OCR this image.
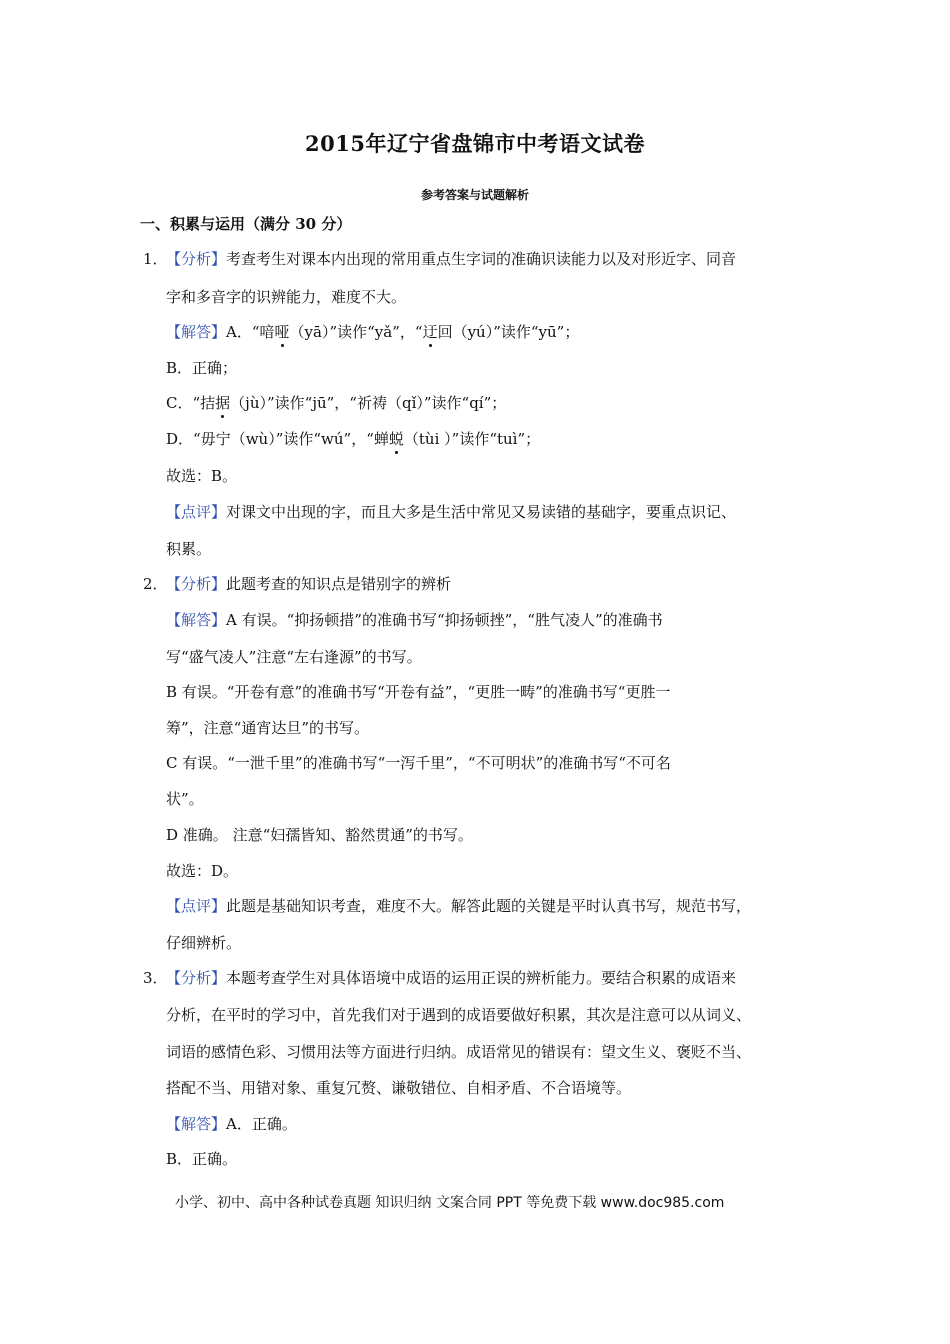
2015年辽宁省盘锦市中考语文试卷
参考答案与试题解析
一、积累与运用（满分 30 分）
1．
【分析】考查考生对课本内出现的常用重点生字词的准确识读能力以及对形近字、同音
字和多音字的识辨能力，难度不大。
【解答】A．“喑哑（yā）”读作“yǎ”，“迂回（yú）”读作“yū”；
B．正确；
C．“拮据（jù）”读作“jū”，“祈祷（qǐ）”读作“qí”；
D．“毋宁（wù）”读作“wú”，“蝉蜕（tùi ）”读作“tuì”；
故选：B。
【点评】对课文中出现的字，而且大多是生活中常见又易读错的基础字，要重点识记、
积累。
2．
【分析】此题考查的知识点是错别字的辨析
【解答】A 有误。“抑扬顿措”的准确书写“抑扬顿挫”，“胜气凌人”的准确书
写“盛气凌人”注意“左右逢源”的书写。
B 有误。“开卷有意”的准确书写“开卷有益”，“更胜一畴”的准确书写“更胜一
筹”，注意“通宵达旦”的书写。
C 有误。“一泄千里”的准确书写“一泻千里”，“不可明状”的准确书写“不可名
状”。
D 准确。 注意“妇孺皆知、豁然贯通”的书写。
故选：D。
【点评】此题是基础知识考查，难度不大。解答此题的关键是平时认真书写，规范书写，
仔细辨析。
3．
【分析】本题考查学生对具体语境中成语的运用正误的辨析能力。要结合积累的成语来
分析，在平时的学习中，首先我们对于遇到的成语要做好积累，其次是注意可以从词义、
词语的感情色彩、习惯用法等方面进行归纳。成语常见的错误有：望文生义、褒贬不当、
搭配不当、用错对象、重复冗赘、谦敬错位、自相矛盾、不合语境等。
【解答】A．正确。
B．正确。
小学、初中、高中各种试卷真题 知识归纳 文案合同 PPT 等免费下载 www.doc985.com
